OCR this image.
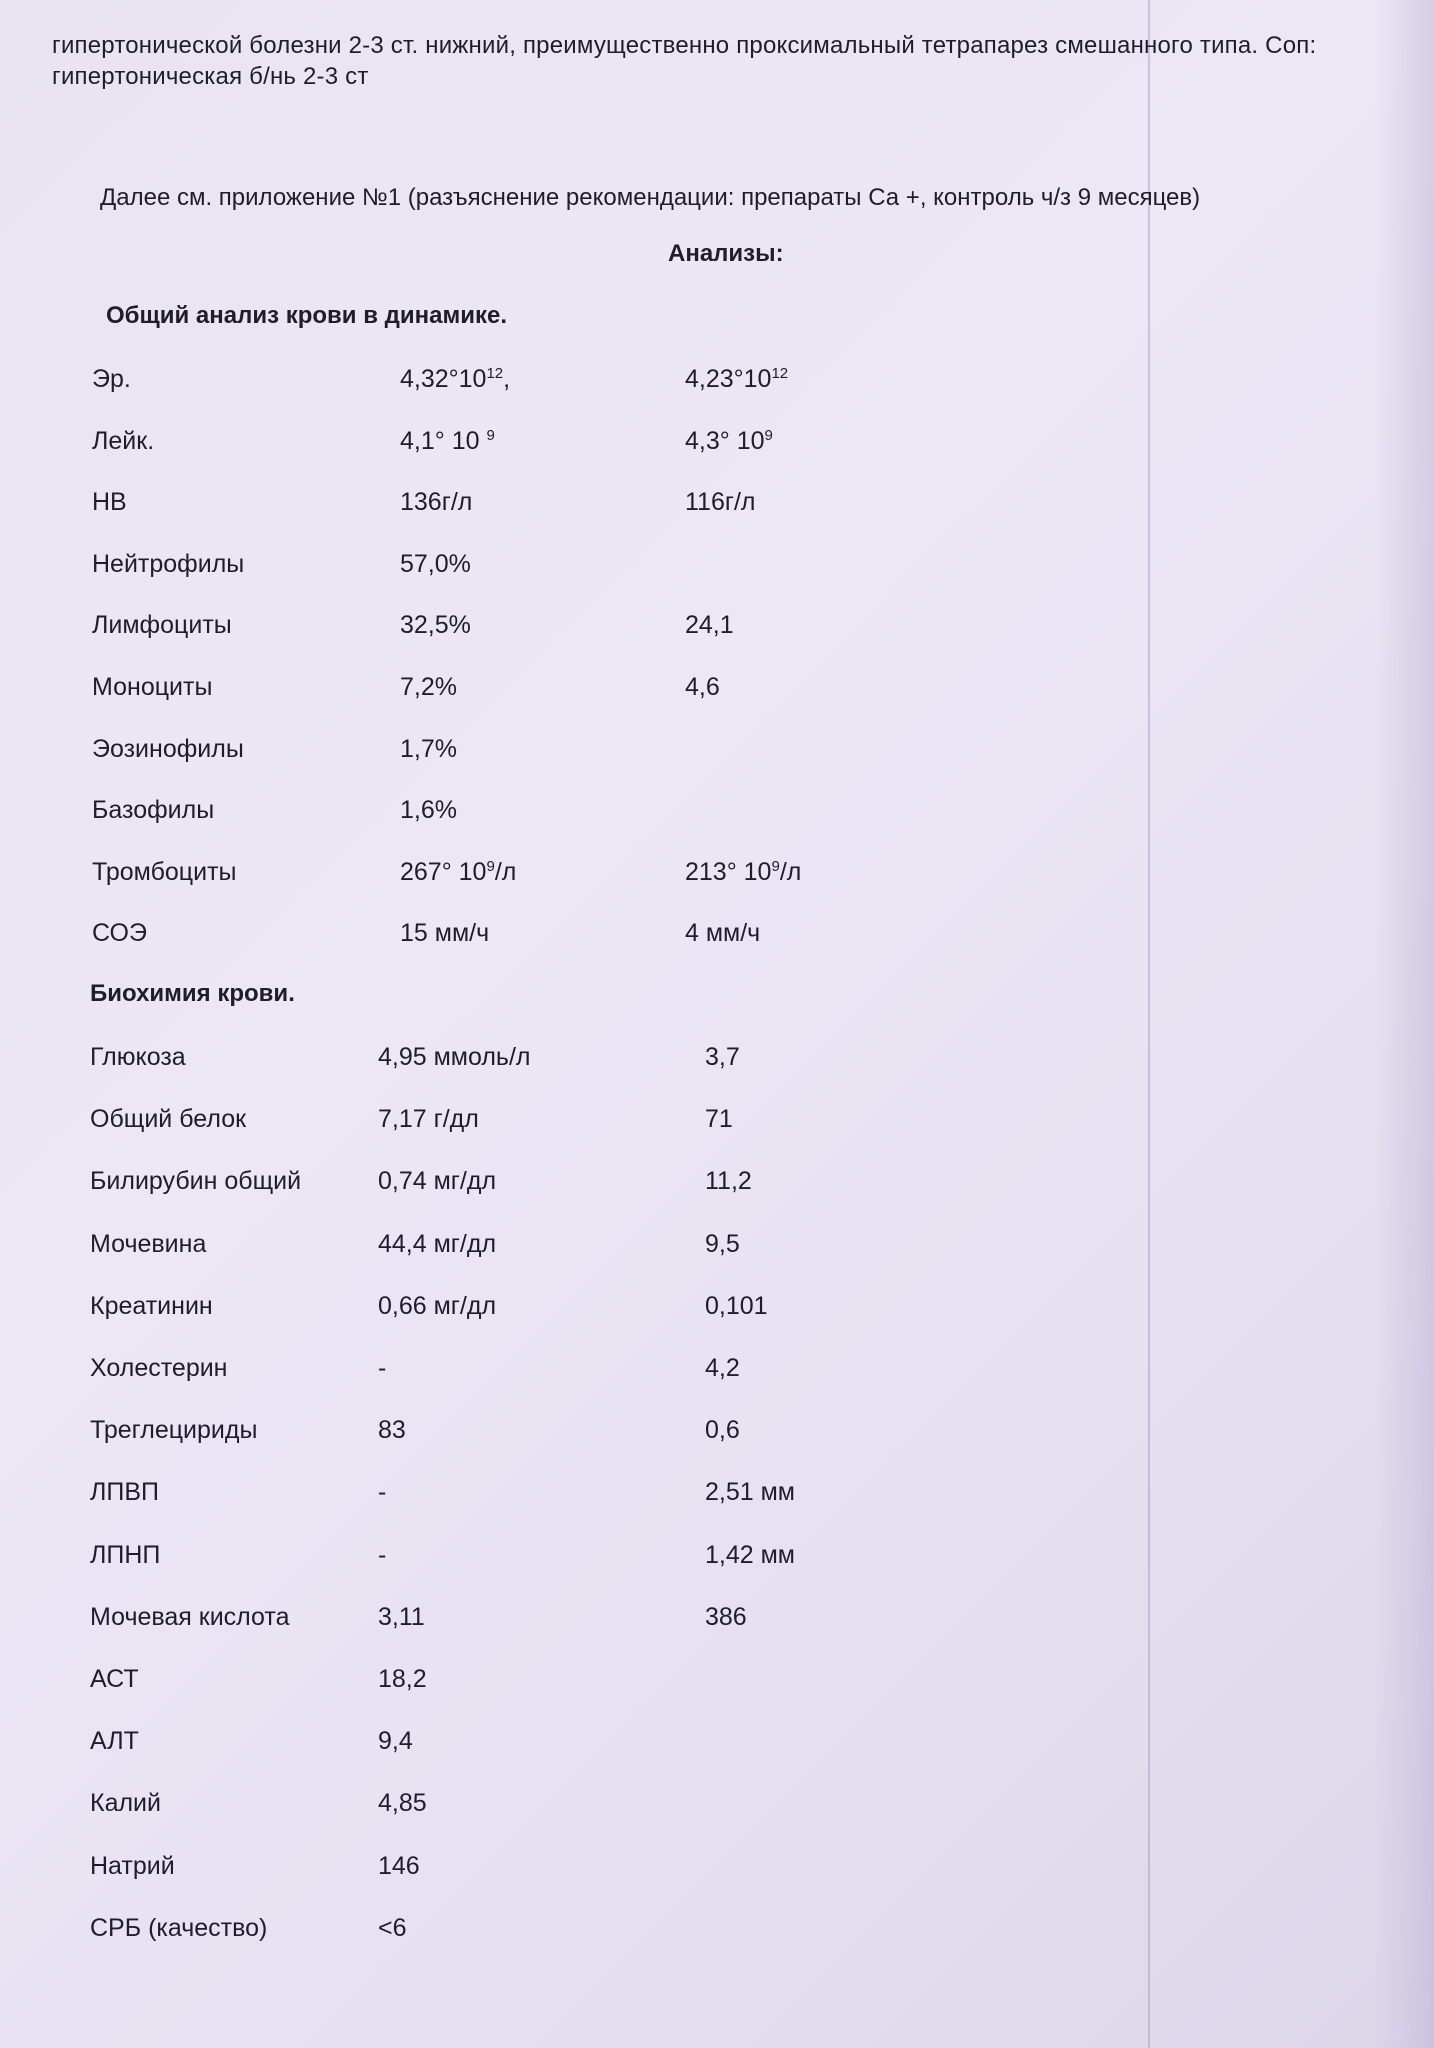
гипертонической болезни 2-3 ст. нижний, преимущественно проксимальный тетрапарез смешанного типа. Соп: гипертоническая б/нь 2-3 ст
Далее см. приложение №1 (разъяснение рекомендации: препараты Са +, контроль ч/з 9 месяцев)
Анализы:
Общий анализ крови в динамике.
Эр.	$4,32^\circ 10^{12}$,	$4,23^\circ 10^{12}$
Лейк.	4,1° 10 $^9$	4,3° $10^9$
НВ	136г/л	116г/л
Нейтрофилы	57,0%
Лимфоциты	32,5%	24,1
Моноциты	7,2%	4,6
Эозинофилы	1,7%
Базофилы	1,6%
Тромбоциты	267° $10^9/л$	213° $10^9/л$
СОЭ	15 мм/ч	4 мм/ч
Биохимия крови.
Глюкоза	4,95 ммоль/л	3,7
Общий белок	7,17 г/дл	71
Билирубин общий	0,74 мг/дл	11,2
Мочевина	44,4 мг/дл	9,5
Креатинин	0,66 мг/дл	0,101
Холестерин	-	4,2
Треглецириды	83	0,6
ЛПВП	-	2,51 мм
ЛПНП	-	1,42 мм
Мочевая кислота	3,11	386
АСТ	18,2
АЛТ	9,4
Калий	4,85
Натрий	146
СРБ (качество)	<6
